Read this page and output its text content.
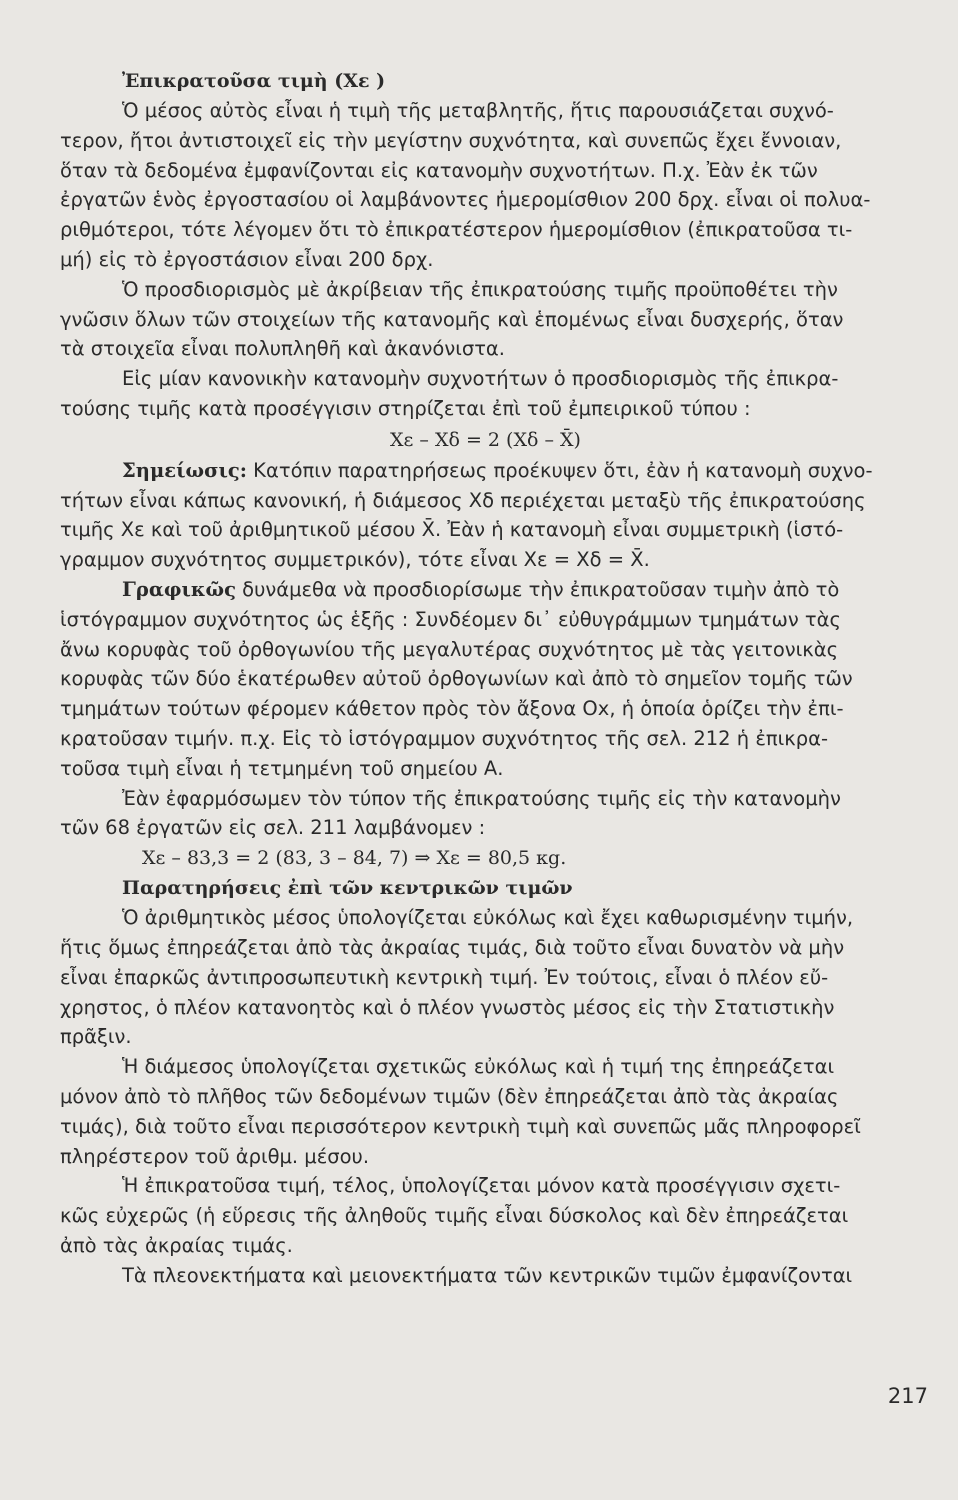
Ἐπικρατοῦσα τιμὴ (Xε )
Ὁ μέσος αὐτὸς εἶναι ἡ τιμὴ τῆς μεταβλητῆς, ἥτις παρουσιάζεται συχνό-
τερον, ἤτοι ἀντιστοιχεῖ εἰς τὴν μεγίστην συχνότητα, καὶ συνεπῶς ἔχει ἔννοιαν,
ὅταν τὰ δεδομένα ἐμφανίζονται εἰς κατανομὴν συχνοτήτων. Π.χ. Ἐὰν ἐκ τῶν
ἐργατῶν ἑνὸς ἐργοστασίου οἱ λαμβάνοντες ἡμερομίσθιον 200 δρχ. εἶναι οἱ πολυα-
ριθμότεροι, τότε λέγομεν ὅτι τὸ ἐπικρατέστερον ἡμερομίσθιον (ἐπικρατοῦσα τι-
μή) εἰς τὸ ἐργοστάσιον εἶναι 200 δρχ.
Ὁ προσδιορισμὸς μὲ ἀκρίβειαν τῆς ἐπικρατούσης τιμῆς προϋποθέτει τὴν
γνῶσιν ὅλων τῶν στοιχείων τῆς κατανομῆς καὶ ἑπομένως εἶναι δυσχερής, ὅταν
τὰ στοιχεῖα εἶναι πολυπληθῆ καὶ ἀκανόνιστα.
Εἰς μίαν κανονικὴν κατανομὴν συχνοτήτων ὁ προσδιορισμὸς τῆς ἐπικρα-
τούσης τιμῆς κατὰ προσέγγισιν στηρίζεται ἐπὶ τοῦ ἐμπειρικοῦ τύπου :
Xε – Xδ = 2 (Xδ – X̄)
Σημείωσις: Κατόπιν παρατηρήσεως προέκυψεν ὅτι, ἐὰν ἡ κατανομὴ συχνο-
τήτων εἶναι κάπως κανονική, ἡ διάμεσος Xδ περιέχεται μεταξὺ τῆς ἐπικρατούσης
τιμῆς Xε καὶ τοῦ ἀριθμητικοῦ μέσου X̄. Ἐὰν ἡ κατανομὴ εἶναι συμμετρικὴ (ἱστό-
γραμμον συχνότητος συμμετρικόν), τότε εἶναι Xε = Xδ = X̄.
Γραφικῶς δυνάμεθα νὰ προσδιορίσωμε τὴν ἐπικρατοῦσαν τιμὴν ἀπὸ τὸ
ἱστόγραμμον συχνότητος ὡς ἑξῆς : Συνδέομεν δι᾽ εὐθυγράμμων τμημάτων τὰς
ἄνω κορυφὰς τοῦ ὀρθογωνίου τῆς μεγαλυτέρας συχνότητος μὲ τὰς γειτονικὰς
κορυφὰς τῶν δύο ἑκατέρωθεν αὐτοῦ ὀρθογωνίων καὶ ἀπὸ τὸ σημεῖον τομῆς τῶν
τμημάτων τούτων φέρομεν κάθετον πρὸς τὸν ἄξονα Ox, ἡ ὁποία ὁρίζει τὴν ἐπι-
κρατοῦσαν τιμήν. π.χ. Εἰς τὸ ἱστόγραμμον συχνότητος τῆς σελ. 212 ἡ ἐπικρα-
τοῦσα τιμὴ εἶναι ἡ τετμημένη τοῦ σημείου Α.
Ἐὰν ἐφαρμόσωμεν τὸν τύπον τῆς ἐπικρατούσης τιμῆς εἰς τὴν κατανομὴν
τῶν 68 ἐργατῶν εἰς σελ. 211 λαμβάνομεν :
Xε – 83,3 = 2 (83, 3 – 84, 7) ⇒ Xε = 80,5 κg.
Παρατηρήσεις ἐπὶ τῶν κεντρικῶν τιμῶν
Ὁ ἀριθμητικὸς μέσος ὑπολογίζεται εὐκόλως καὶ ἔχει καθωρισμένην τιμήν,
ἥτις ὅμως ἐπηρεάζεται ἀπὸ τὰς ἀκραίας τιμάς, διὰ τοῦτο εἶναι δυνατὸν νὰ μὴν
εἶναι ἐπαρκῶς ἀντιπροσωπευτικὴ κεντρικὴ τιμή. Ἐν τούτοις, εἶναι ὁ πλέον εὔ-
χρηστος, ὁ πλέον κατανοητὸς καὶ ὁ πλέον γνωστὸς μέσος εἰς τὴν Στατιστικὴν
πρᾶξιν.
Ἡ διάμεσος ὑπολογίζεται σχετικῶς εὐκόλως καὶ ἡ τιμή της ἐπηρεάζεται
μόνον ἀπὸ τὸ πλῆθος τῶν δεδομένων τιμῶν (δὲν ἐπηρεάζεται ἀπὸ τὰς ἀκραίας
τιμάς), διὰ τοῦτο εἶναι περισσότερον κεντρικὴ τιμὴ καὶ συνεπῶς μᾶς πληροφορεῖ
πληρέστερον τοῦ ἀριθμ. μέσου.
Ἡ ἐπικρατοῦσα τιμή, τέλος, ὑπολογίζεται μόνον κατὰ προσέγγισιν σχετι-
κῶς εὐχερῶς (ἡ εὕρεσις τῆς ἀληθοῦς τιμῆς εἶναι δύσκολος καὶ δὲν ἐπηρεάζεται
ἀπὸ τὰς ἀκραίας τιμάς.
Τὰ πλεονεκτήματα καὶ μειονεκτήματα τῶν κεντρικῶν τιμῶν ἐμφανίζονται
217
